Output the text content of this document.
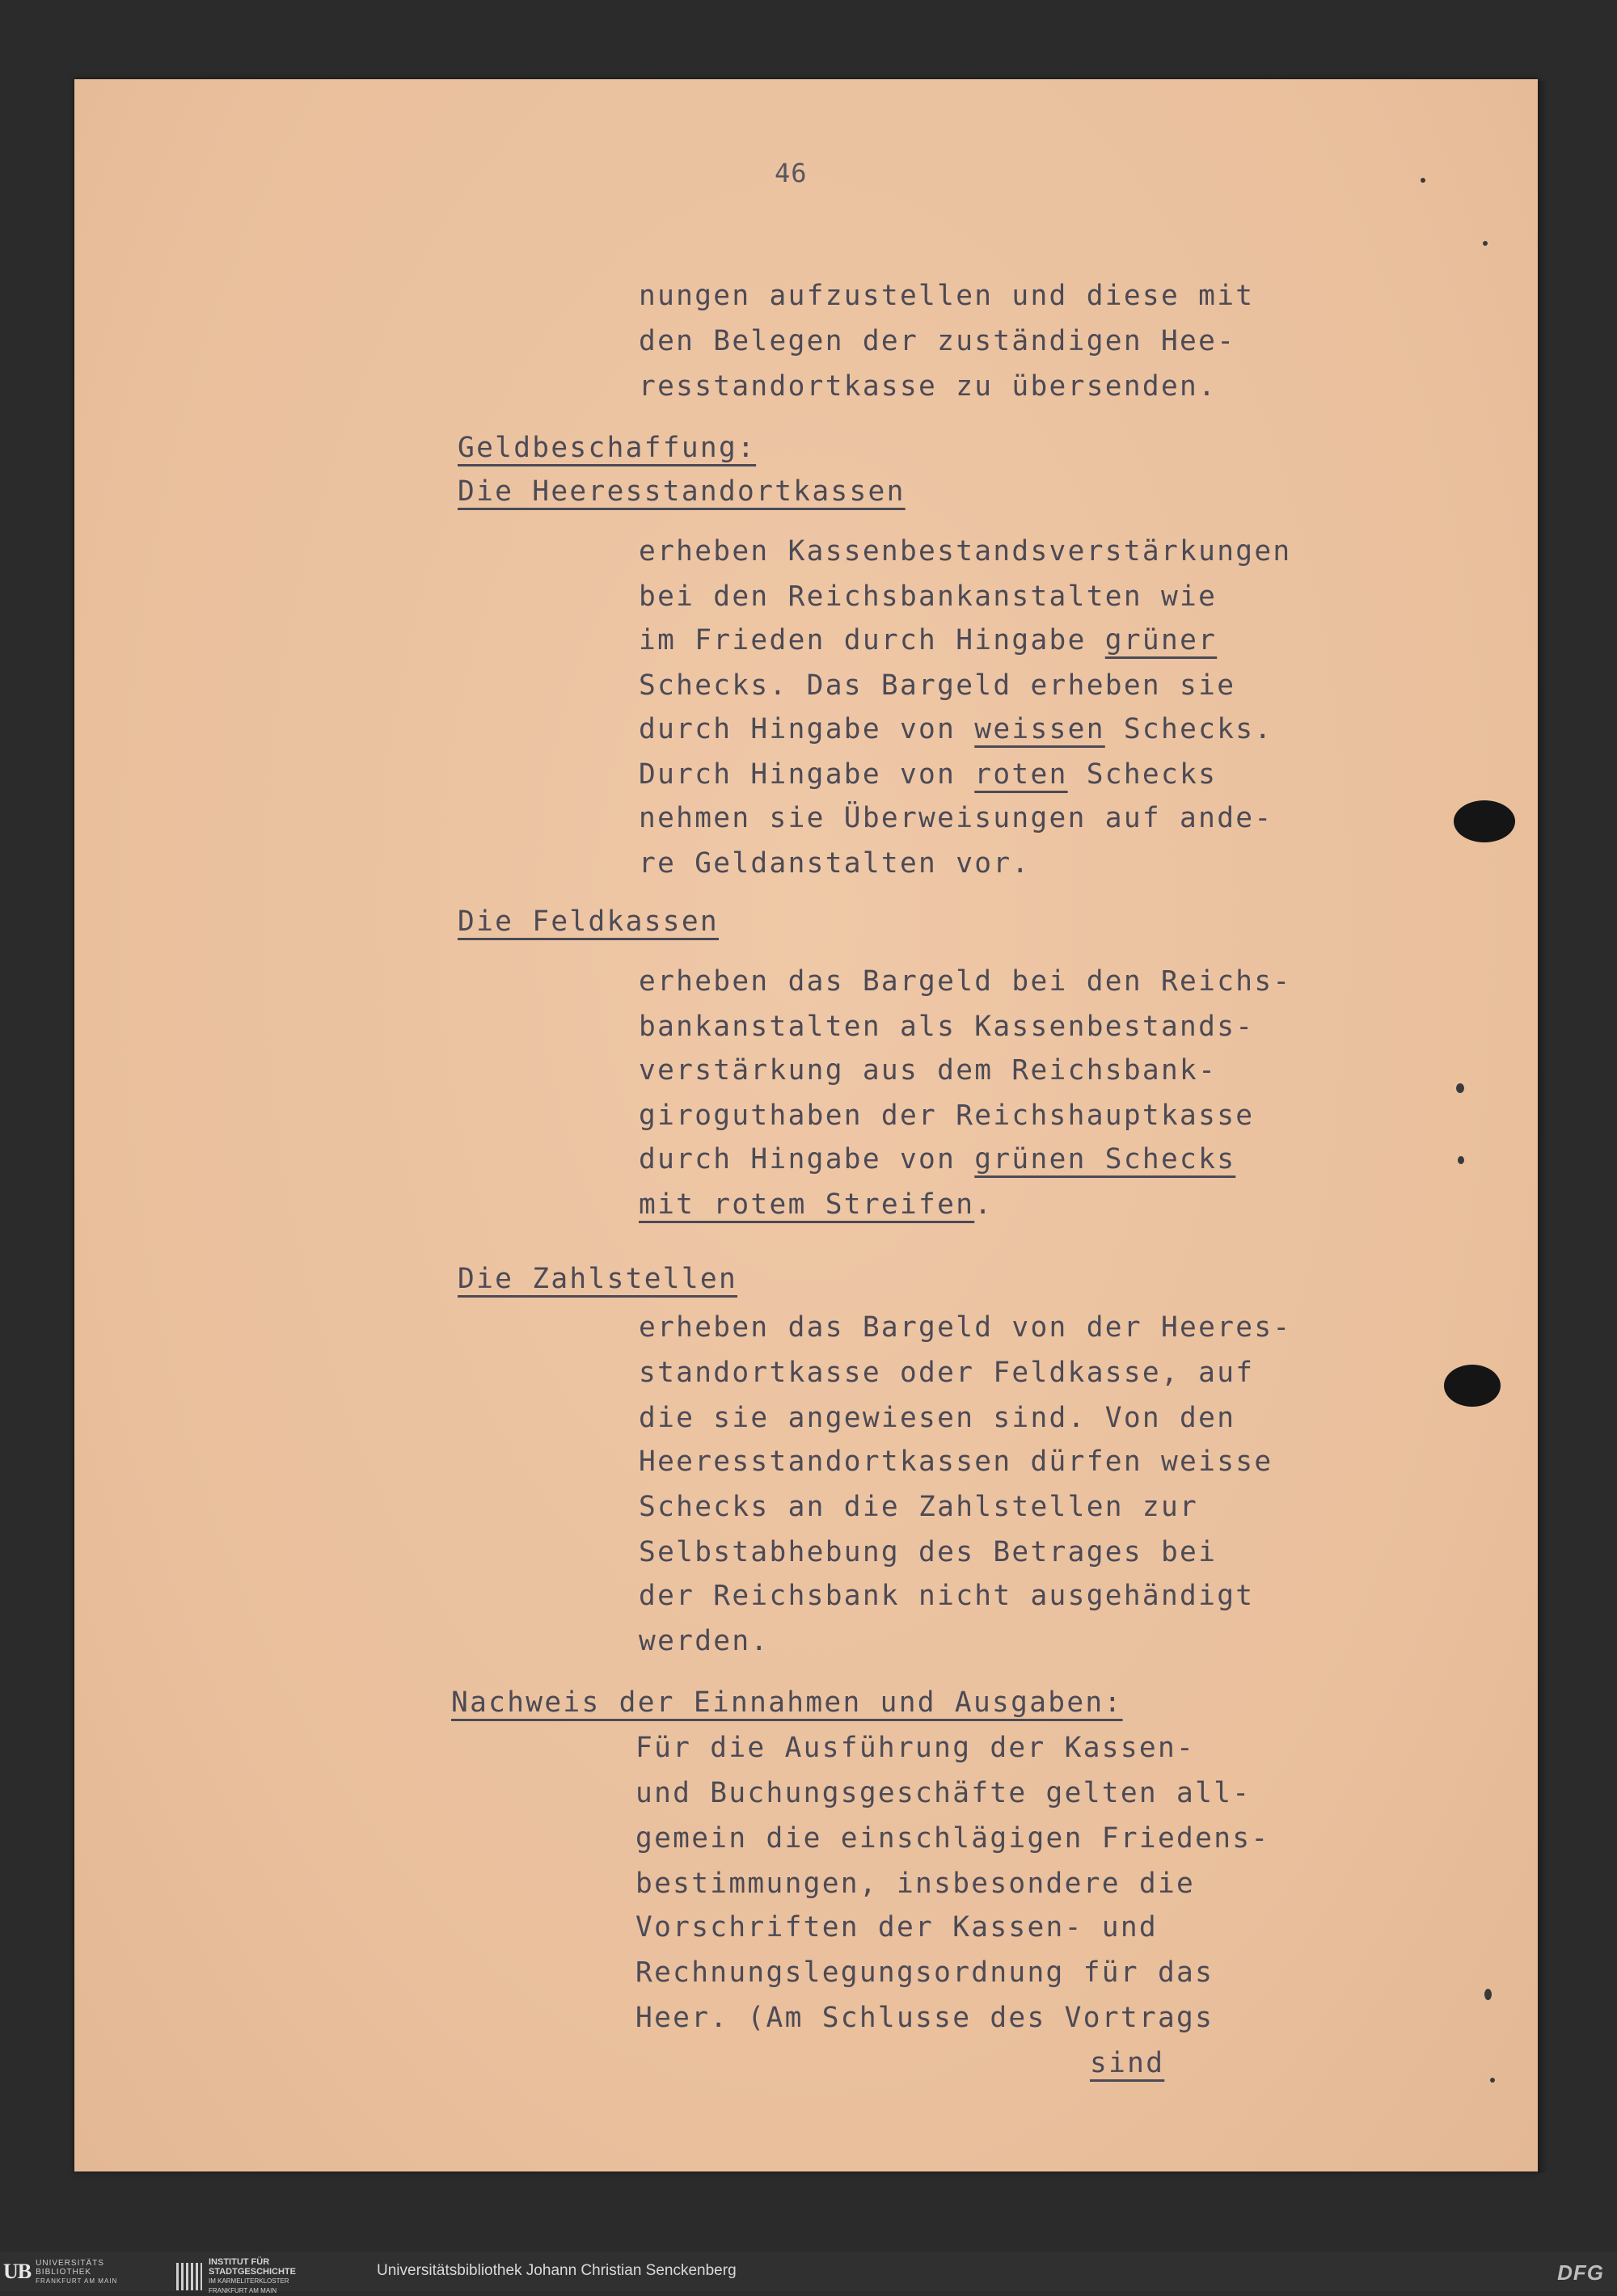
46
nungen aufzustellen und diese mit
den Belegen der zuständigen Hee-
resstandortkasse zu übersenden.
Geldbeschaffung:
Die Heeresstandortkassen
erheben Kassenbestandsverstärkungen
bei den Reichsbankanstalten wie
im Frieden durch Hingabe grüner
Schecks. Das Bargeld erheben sie
durch Hingabe von weissen Schecks.
Durch Hingabe von roten Schecks
nehmen sie Überweisungen auf ande-
re Geldanstalten vor.
Die Feldkassen
erheben das Bargeld bei den Reichs-
bankanstalten als Kassenbestands-
verstärkung aus dem Reichsbank-
giroguthaben der Reichshauptkasse
durch Hingabe von grünen Schecks
mit rotem Streifen.
Die Zahlstellen
erheben das Bargeld von der Heeres-
standortkasse oder Feldkasse, auf
die sie angewiesen sind. Von den
Heeresstandortkassen dürfen weisse
Schecks an die Zahlstellen zur
Selbstabhebung des Betrages bei
der Reichsbank nicht ausgehändigt
werden.
Nachweis der Einnahmen und Ausgaben:
Für die Ausführung der Kassen-
und Buchungsgeschäfte gelten all-
gemein die einschlägigen Friedens-
bestimmungen, insbesondere die
Vorschriften der Kassen- und
Rechnungslegungsordnung für das
Heer. (Am Schlusse des Vortrags
sind
UB UNIVERSITÄTS
BIBLIOTHEK
FRANKFURT AM MAIN
INSTITUT FÜR
STADTGESCHICHTE
IM KARMELITERKLOSTER
FRANKFURT AM MAIN
Universitätsbibliothek Johann Christian Senckenberg	DFG
